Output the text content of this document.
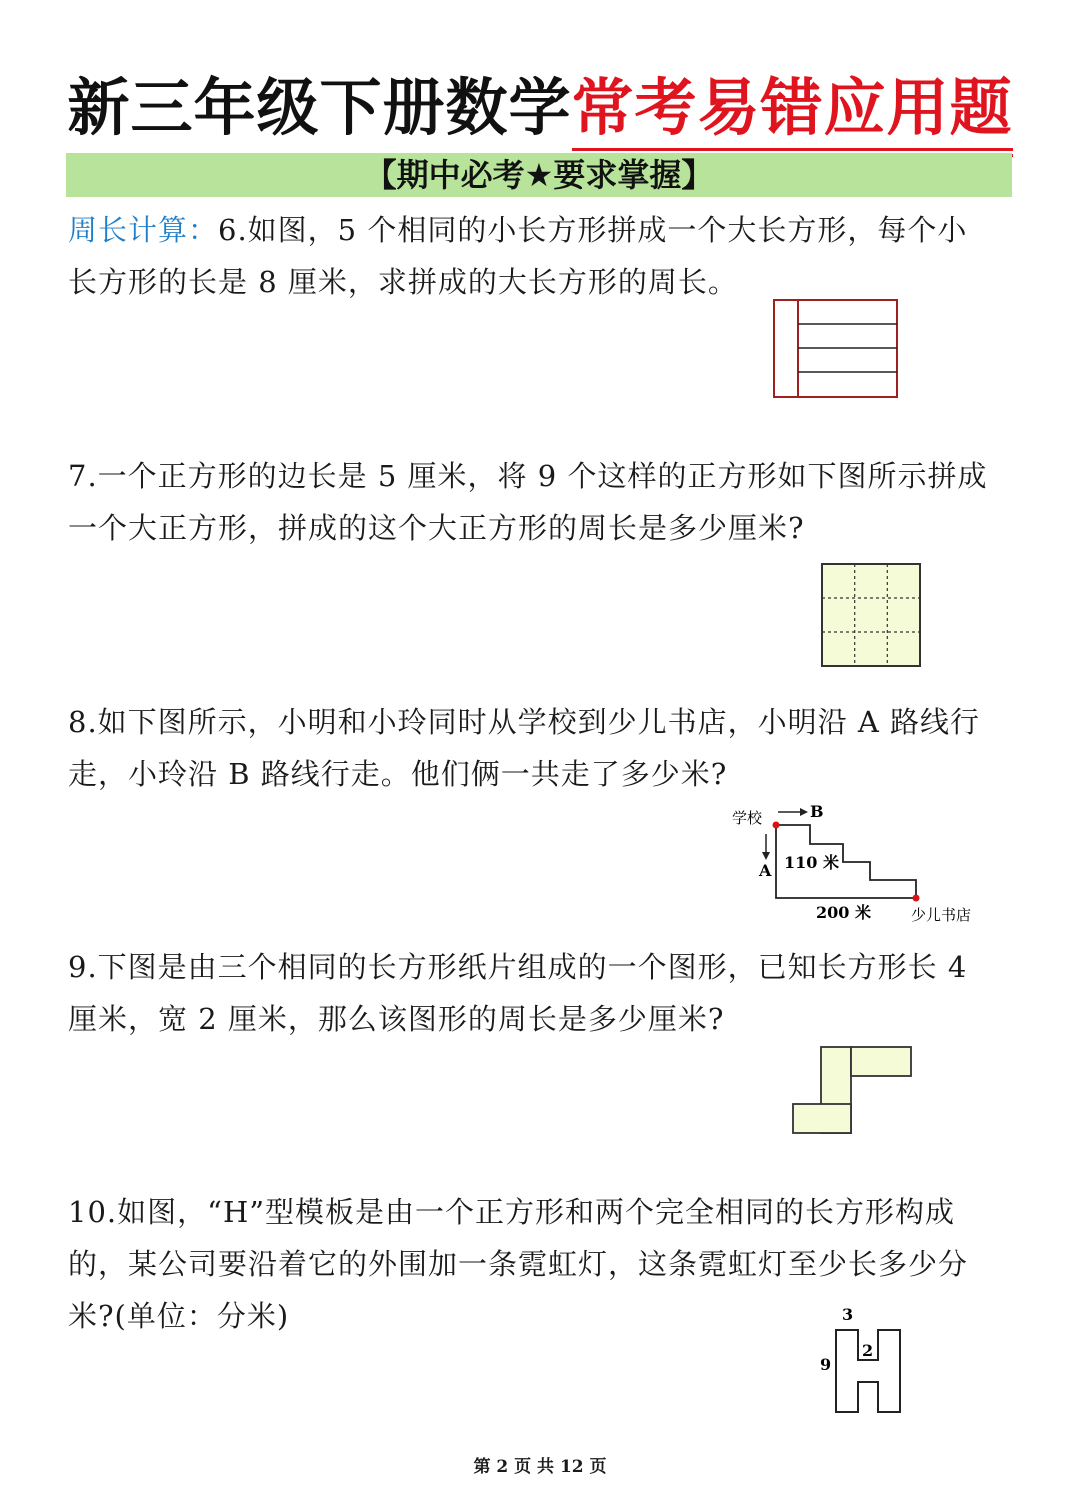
新三年级下册数学常考易错应用题
【期中必考★要求掌握】
周长计算：6.如图，5 个相同的小长方形拼成一个大长方形，每个小
长方形的长是 8 厘米，求拼成的大长方形的周长。
7.一个正方形的边长是 5 厘米，将 9 个这样的正方形如下图所示拼成
一个大正方形，拼成的这个大正方形的周长是多少厘米?
8.如下图所示，小明和小玲同时从学校到少儿书店，小明沿 A 路线行
走，小玲沿 B 路线行走。他们俩一共走了多少米?
B
学校
A 110 米
200 米	少儿书店
9.下图是由三个相同的长方形纸片组成的一个图形，已知长方形长 4
厘米，宽 2 厘米，那么该图形的周长是多少厘米?
10.如图，“H”型模板是由一个正方形和两个完全相同的长方形构成
的，某公司要沿着它的外围加一条霓虹灯，这条霓虹灯至少长多少分
米?(单位：分米)	3
9
2
第 2 页 共 12 页
